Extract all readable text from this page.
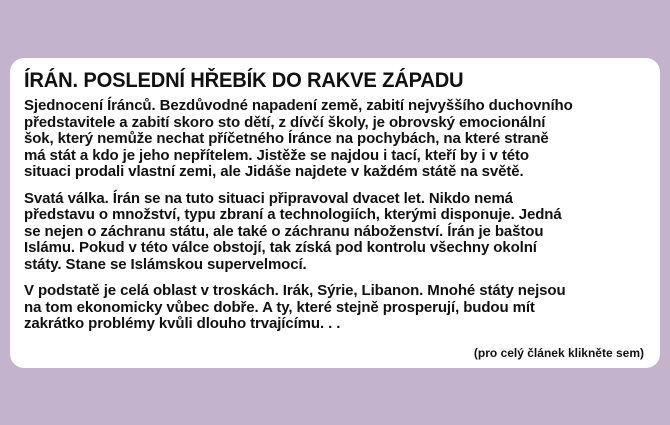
ÍRÁN. POSLEDNÍ HŘEBÍK DO RAKVE ZÁPADU
Sjednocení Íránců. Bezdůvodné napadení země, zabití nejvyššího duchovního
představitele a zabití skoro sto dětí, z dívčí školy, je obrovský emocionální
šok, který nemůže nechat příčetného Íránce na pochybách, na které straně
má stát a kdo je jeho nepřítelem. Jistěže se najdou i tací, kteří by i v této
situaci prodali vlastní zemi, ale Jidáše najdete v každém státě na světě.
Svatá válka. Írán se na tuto situaci připravoval dvacet let. Nikdo nemá
představu o množství, typu zbraní a technologiích, kterými disponuje. Jedná
se nejen o záchranu státu, ale také o záchranu náboženství. Írán je baštou
Islámu. Pokud v této válce obstojí, tak získá pod kontrolu všechny okolní
státy. Stane se Islámskou supervelmocí.
V podstatě je celá oblast v troskách. Irák, Sýrie, Libanon. Mnohé státy nejsou
na tom ekonomicky vůbec dobře. A ty, které stejně prosperují, budou mít
zakrátko problémy kvůli dlouho trvajícímu. . .
(pro celý článek klikněte sem)
